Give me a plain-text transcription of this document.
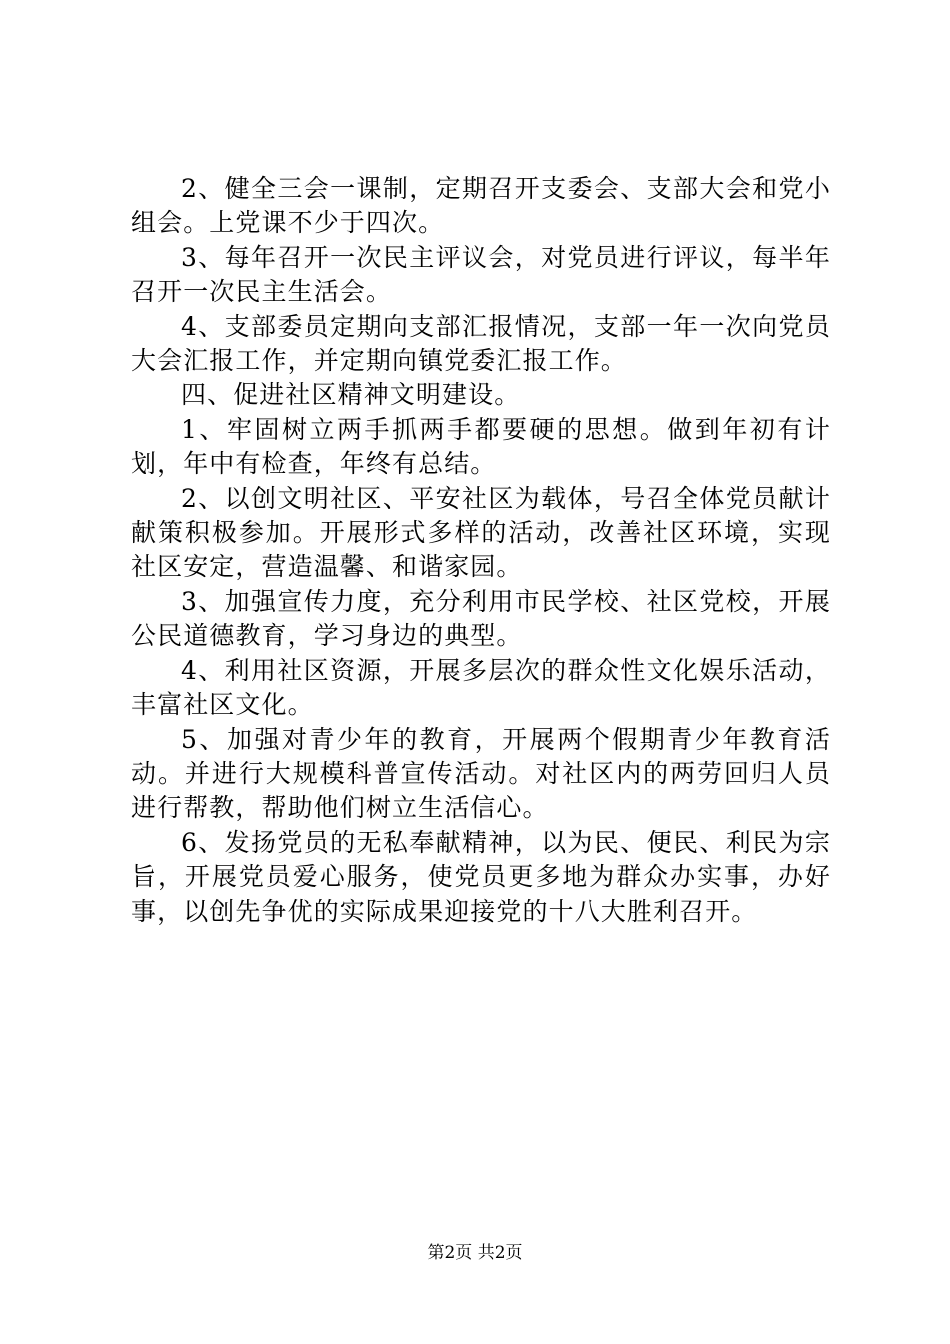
2、健全三会一课制，定期召开支委会、支部大会和党小组会。上党课不少于四次。

3、每年召开一次民主评议会，对党员进行评议，每半年召开一次民主生活会。

4、支部委员定期向支部汇报情况，支部一年一次向党员大会汇报工作，并定期向镇党委汇报工作。

四、促进社区精神文明建设。

1、牢固树立两手抓两手都要硬的思想。做到年初有计划，年中有检查，年终有总结。

2、以创文明社区、平安社区为载体，号召全体党员献计献策积极参加。开展形式多样的活动，改善社区环境，实现社区安定，营造温馨、和谐家园。

3、加强宣传力度，充分利用市民学校、社区党校，开展公民道德教育，学习身边的典型。

4、利用社区资源，开展多层次的群众性文化娱乐活动，丰富社区文化。

5、加强对青少年的教育，开展两个假期青少年教育活动。并进行大规模科普宣传活动。对社区内的两劳回归人员进行帮教，帮助他们树立生活信心。

6、发扬党员的无私奉献精神，以为民、便民、利民为宗旨，开展党员爱心服务，使党员更多地为群众办实事，办好事，以创先争优的实际成果迎接党的十八大胜利召开。

第2页 共2页
